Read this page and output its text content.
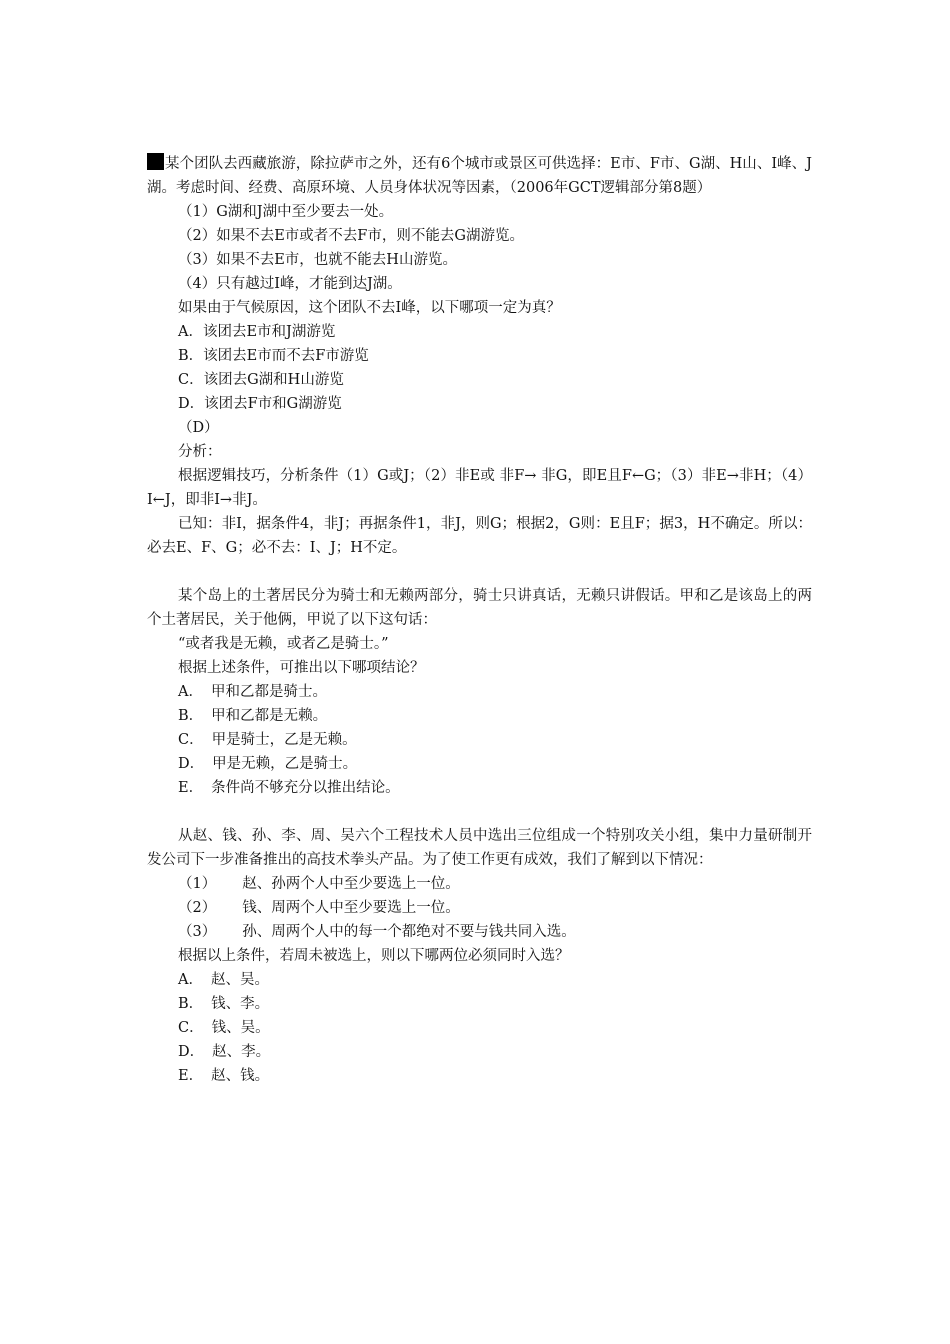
某个团队去西藏旅游，除拉萨市之外，还有6个城市或景区可供选择：E市、F市、G湖、H山、I峰、J湖。考虑时间、经费、高原环境、人员身体状况等因素，（2006年GCT逻辑部分第8题）

（1）G湖和J湖中至少要去一处。

（2）如果不去E市或者不去F市，则不能去G湖游览。

（3）如果不去E市，也就不能去H山游览。

（4）只有越过I峰，才能到达J湖。

如果由于气候原因，这个团队不去I峰，以下哪项一定为真？

A．该团去E市和J湖游览

B．该团去E市而不去F市游览

C．该团去G湖和H山游览

D．该团去F市和G湖游览

（D）

分析：

根据逻辑技巧，分析条件（1）G或J；（2）非E或 非F→ 非G，即E且F←G；（3）非E→非H；（4）I←J，即非I→非J。

已知：非I，据条件4，非J；再据条件1，非J，则G；根据2，G则：E且F；据3，H不确定。所以：必去E、F、G；必不去：I、J；H不定。

某个岛上的土著居民分为骑士和无赖两部分，骑士只讲真话，无赖只讲假话。甲和乙是该岛上的两个土著居民，关于他俩，甲说了以下这句话：

“或者我是无赖，或者乙是骑士。”

根据上述条件，可推出以下哪项结论？

A． 甲和乙都是骑士。

B． 甲和乙都是无赖。

C． 甲是骑士，乙是无赖。

D． 甲是无赖，乙是骑士。

E． 条件尚不够充分以推出结论。

从赵、钱、孙、李、周、吴六个工程技术人员中选出三位组成一个特别攻关小组，集中力量研制开发公司下一步准备推出的高技术拳头产品。为了使工作更有成效，我们了解到以下情况：

（1） 赵、孙两个人中至少要选上一位。

（2） 钱、周两个人中至少要选上一位。

（3） 孙、周两个人中的每一个都绝对不要与钱共同入选。

根据以上条件，若周未被选上，则以下哪两位必须同时入选？

A． 赵、吴。

B． 钱、李。

C． 钱、吴。

D． 赵、李。

E． 赵、钱。
